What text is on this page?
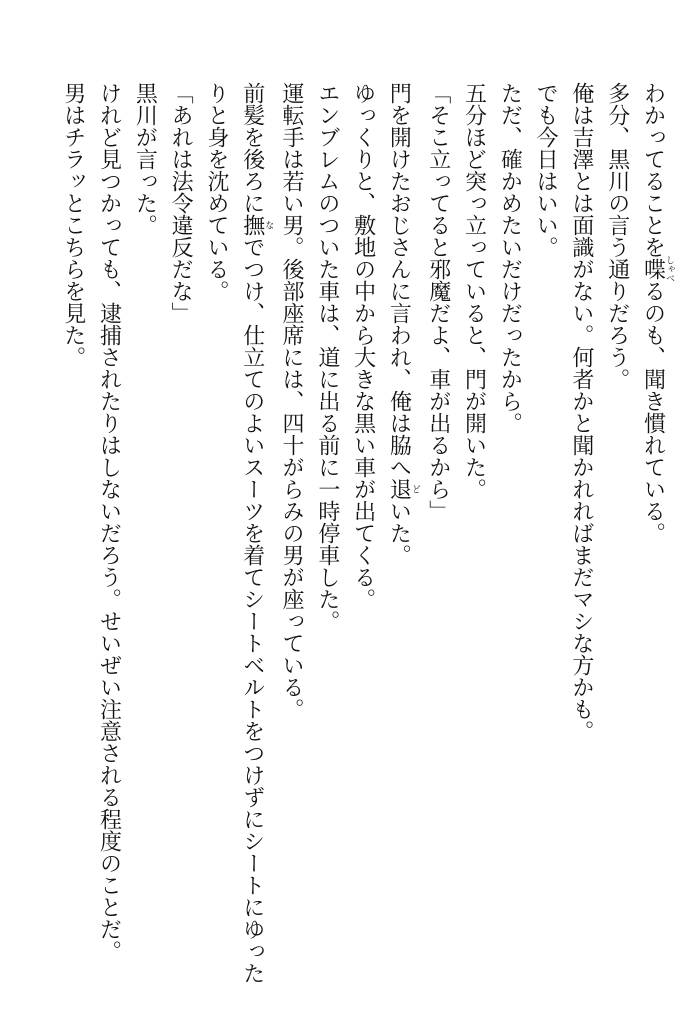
わかってることを喋しゃべるのも、聞き慣れている。
多分、黒川の言う通りだろう。
俺は吉澤とは面識がない。何者かと聞かれればまだマシな方かも。
でも今日はいい。
ただ、確かめたいだけだったから。
五分ほど突っ立っていると、門が開いた。
「そこ立ってると邪魔だよ、車が出るから」
門を開けたおじさんに言われ、俺は脇へ退どいた。
ゆっくりと、敷地の中から大きな黒い車が出てくる。
エンブレムのついた車は、道に出る前に一時停車した。
運転手は若い男。後部座席には、四十がらみの男が座っている。
前髪を後ろに撫なでつけ、仕立てのよいスーツを着てシートベルトをつけずにシートにゆった
りと身を沈めている。
「あれは法令違反だな」
黒川が言った。
けれど見つかっても、逮捕されたりはしないだろう。せいぜい注意される程度のことだ。
男はチラッとこちらを見た。
